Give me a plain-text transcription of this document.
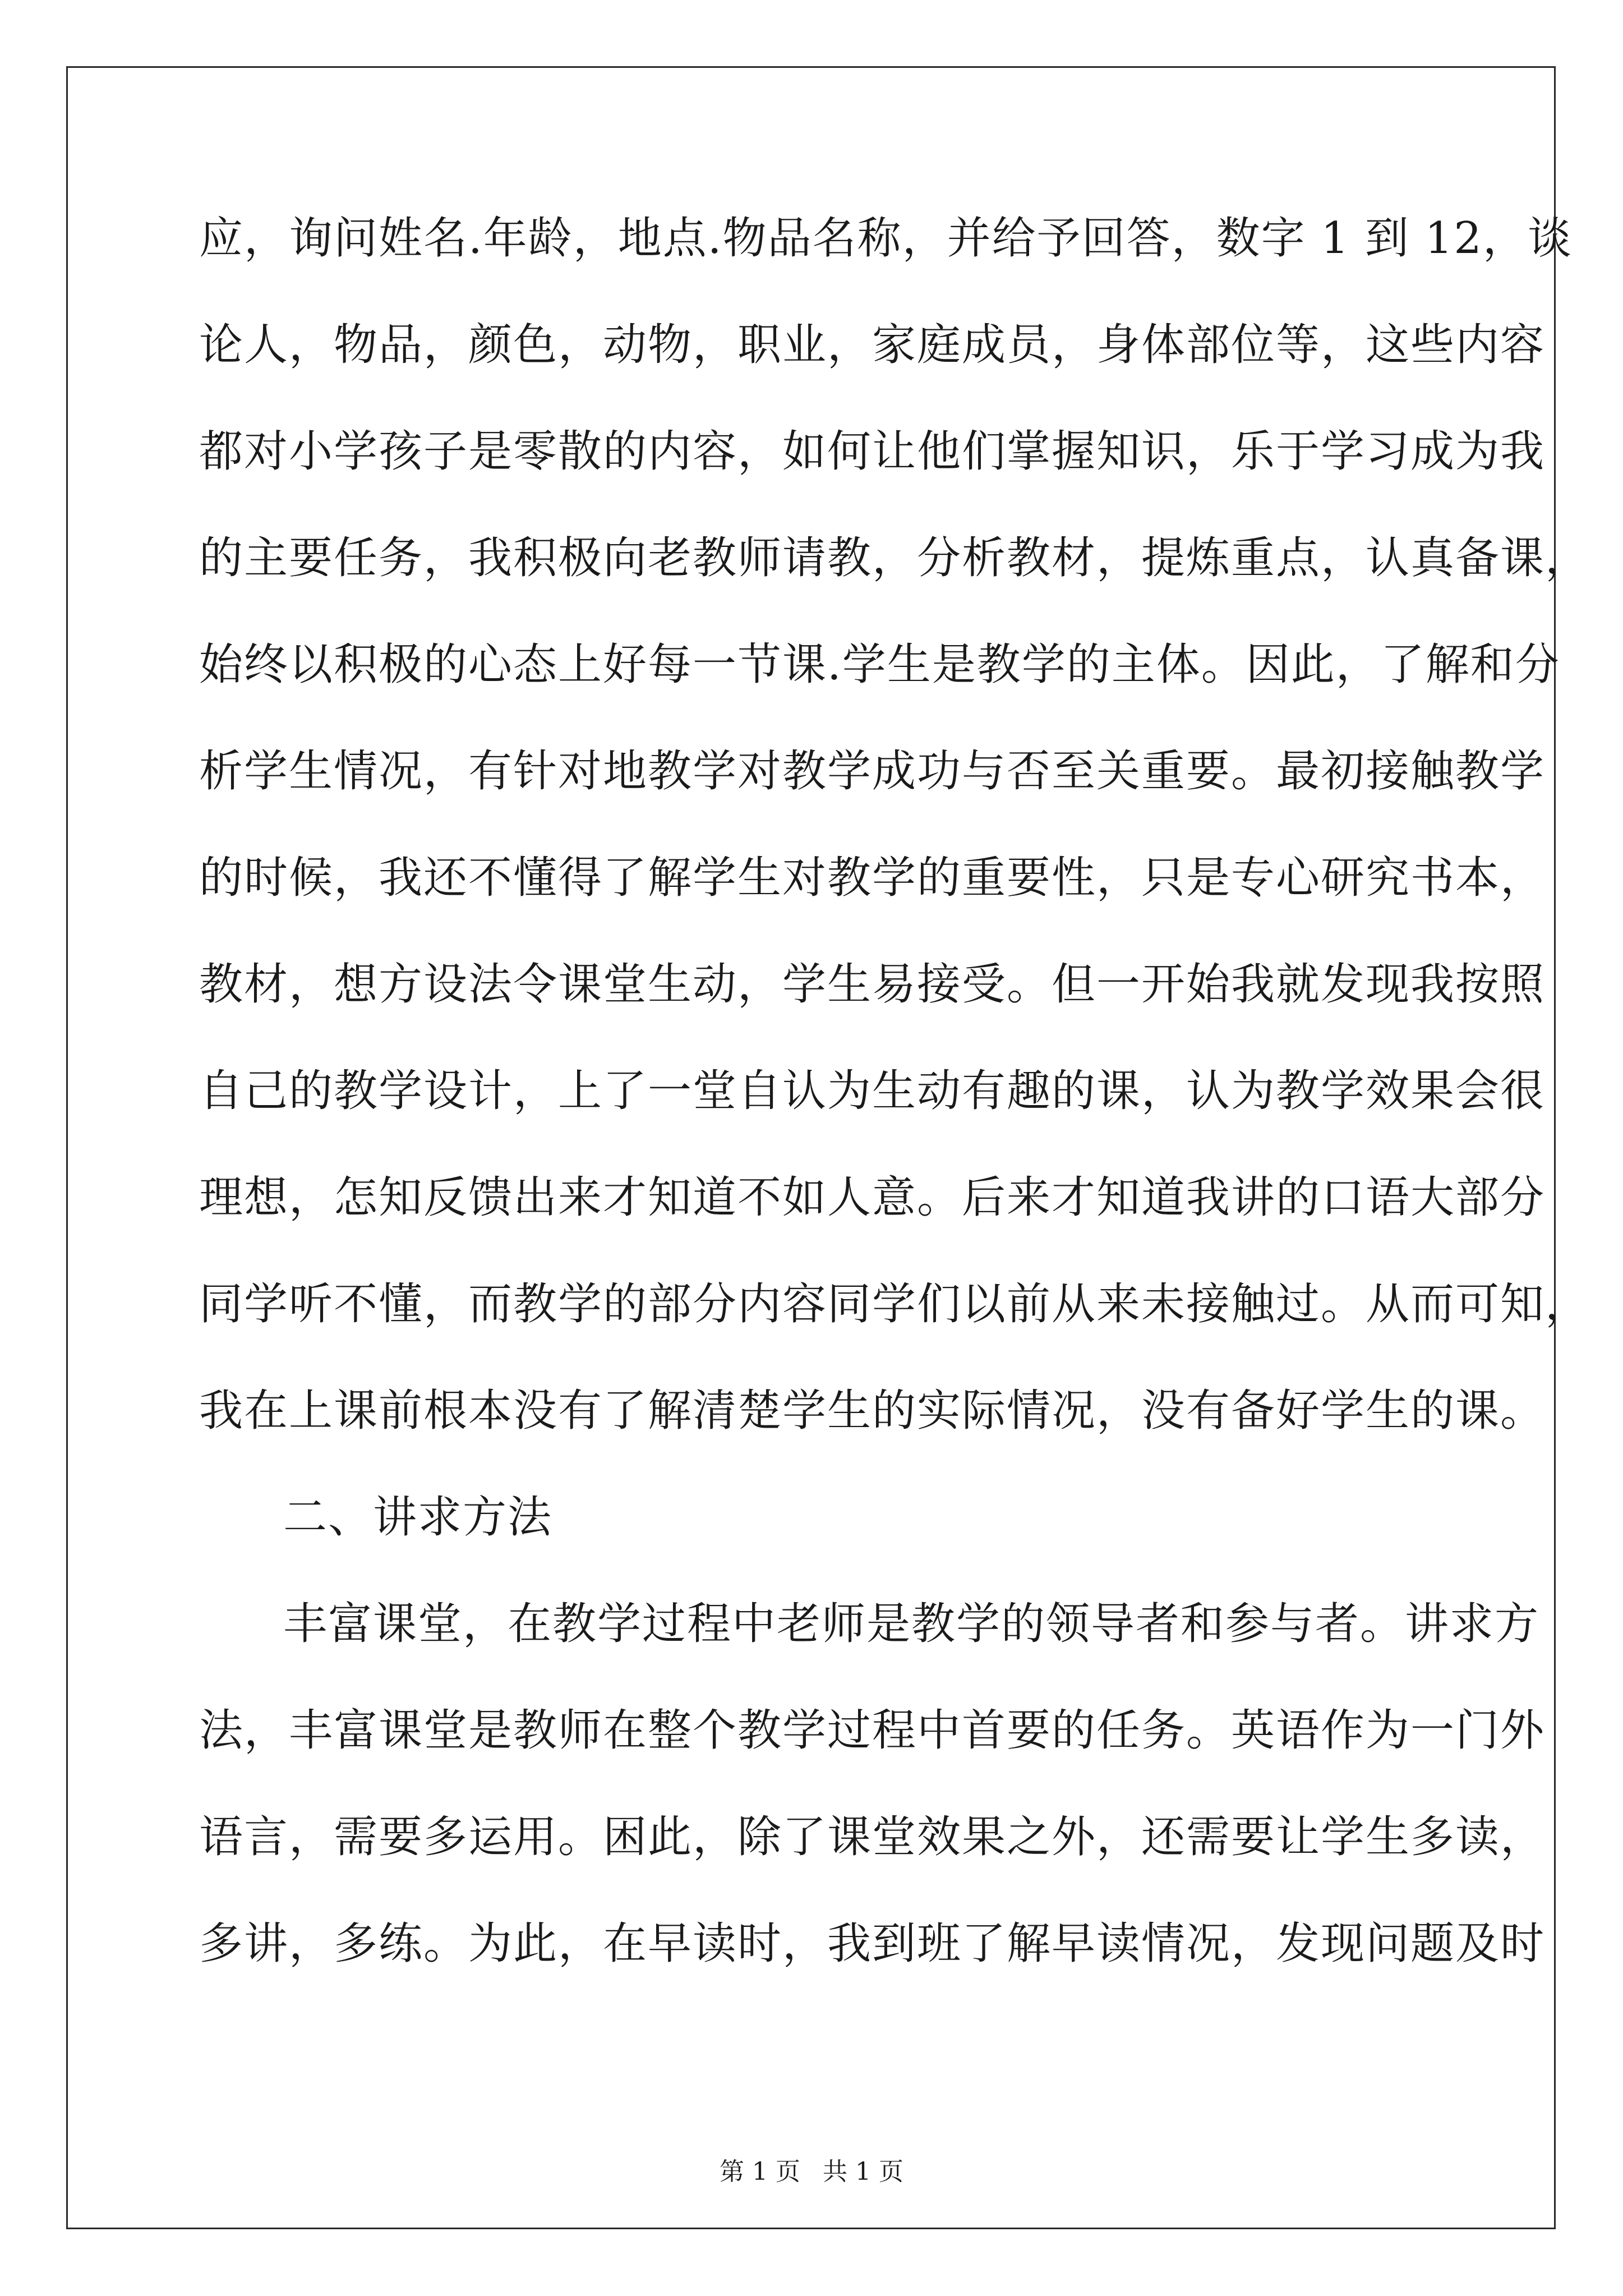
应，询问姓名.年龄，地点.物品名称，并给予回答，数字 1 到 12，谈
论人，物品，颜色，动物，职业，家庭成员，身体部位等，这些内容
都对小学孩子是零散的内容，如何让他们掌握知识，乐于学习成为我
的主要任务，我积极向老教师请教，分析教材，提炼重点，认真备课，
始终以积极的心态上好每一节课.学生是教学的主体。因此，了解和分
析学生情况，有针对地教学对教学成功与否至关重要。最初接触教学
的时候，我还不懂得了解学生对教学的重要性，只是专心研究书本，
教材，想方设法令课堂生动，学生易接受。但一开始我就发现我按照
自己的教学设计，上了一堂自认为生动有趣的课，认为教学效果会很
理想，怎知反馈出来才知道不如人意。后来才知道我讲的口语大部分
同学听不懂，而教学的部分内容同学们以前从来未接触过。从而可知，
我在上课前根本没有了解清楚学生的实际情况，没有备好学生的课。
二、讲求方法
丰富课堂，在教学过程中老师是教学的领导者和参与者。讲求方
法，丰富课堂是教师在整个教学过程中首要的任务。英语作为一门外
语言，需要多运用。困此，除了课堂效果之外，还需要让学生多读，
多讲，多练。为此，在早读时，我到班了解早读情况，发现问题及时
第 1 页 共 1 页
